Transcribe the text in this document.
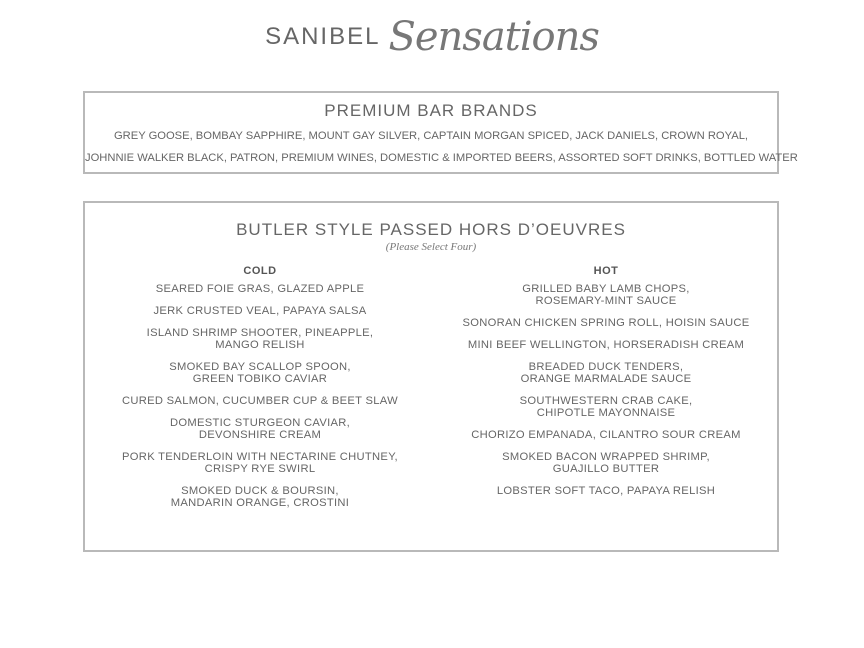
SANIBEL Sensations
PREMIUM BAR BRANDS
GREY GOOSE, BOMBAY SAPPHIRE, MOUNT GAY SILVER, CAPTAIN MORGAN SPICED, JACK DANIELS, CROWN ROYAL,
JOHNNIE WALKER BLACK, PATRON, PREMIUM WINES, DOMESTIC & IMPORTED BEERS, ASSORTED SOFT DRINKS, BOTTLED WATER
BUTLER STYLE PASSED HORS D’OEUVRES
(Please Select Four)
COLD
SEARED FOIE GRAS, GLAZED APPLE
JERK CRUSTED VEAL, PAPAYA SALSA
ISLAND SHRIMP SHOOTER, PINEAPPLE,
MANGO RELISH
SMOKED BAY SCALLOP SPOON,
GREEN TOBIKO CAVIAR
CURED SALMON, CUCUMBER CUP & BEET SLAW
DOMESTIC STURGEON CAVIAR,
DEVONSHIRE CREAM
PORK TENDERLOIN WITH NECTARINE CHUTNEY,
CRISPY RYE SWIRL
SMOKED DUCK & BOURSIN,
MANDARIN ORANGE, CROSTINI
HOT
GRILLED BABY LAMB CHOPS,
ROSEMARY-MINT SAUCE
SONORAN CHICKEN SPRING ROLL, HOISIN SAUCE
MINI BEEF WELLINGTON, HORSERADISH CREAM
BREADED DUCK TENDERS,
ORANGE MARMALADE SAUCE
SOUTHWESTERN CRAB CAKE,
CHIPOTLE MAYONNAISE
CHORIZO EMPANADA, CILANTRO SOUR CREAM
SMOKED BACON WRAPPED SHRIMP,
GUAJILLO BUTTER
LOBSTER SOFT TACO, PAPAYA RELISH
